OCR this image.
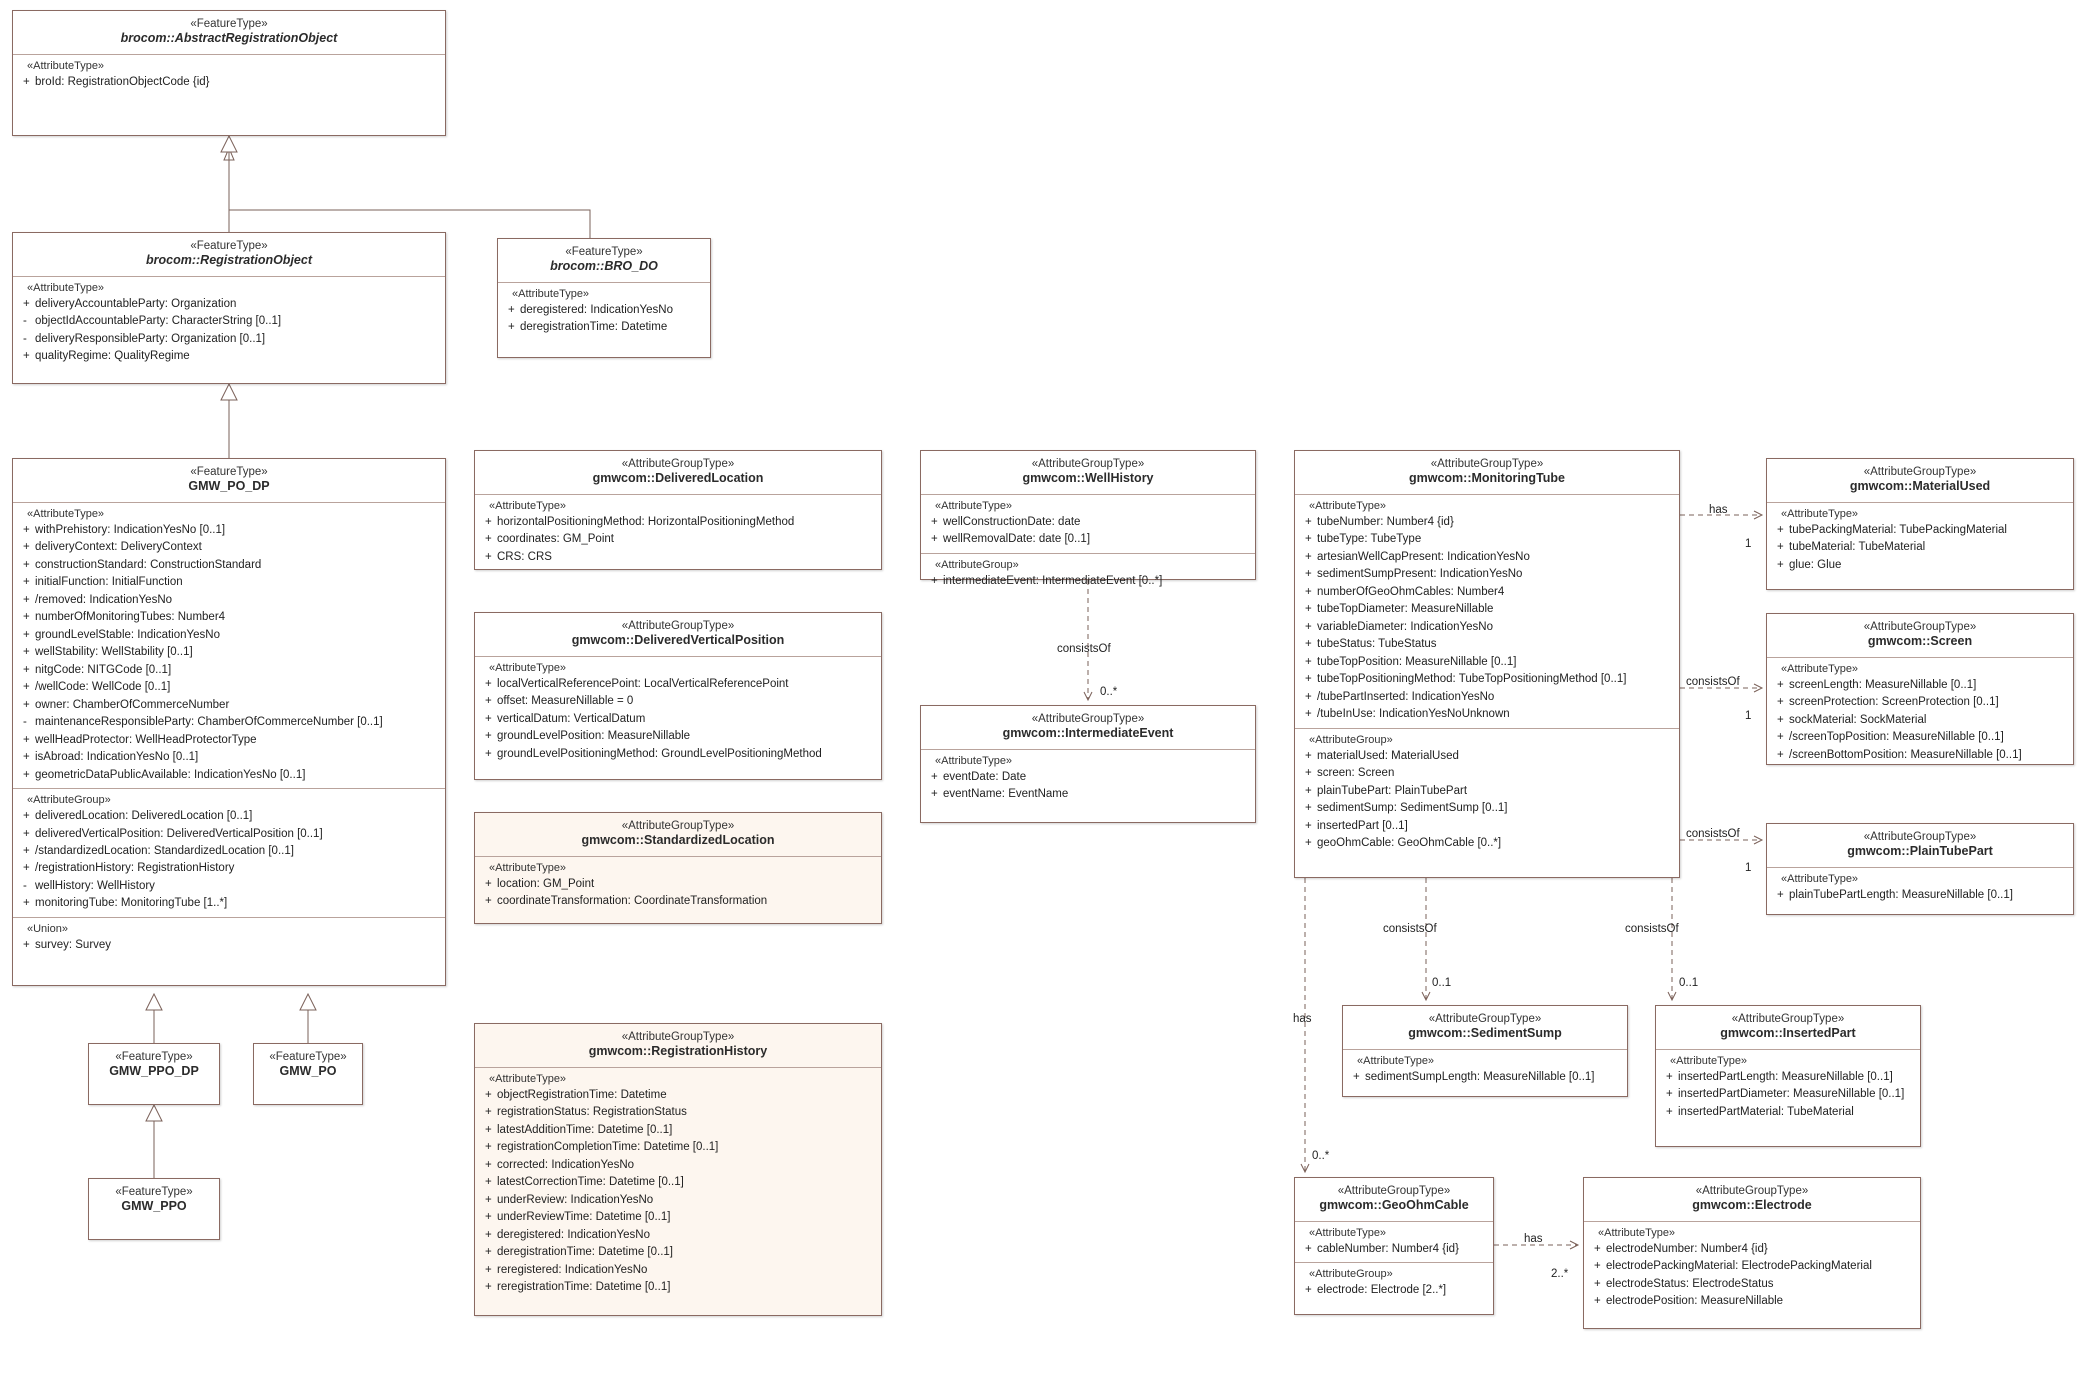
«FeatureType»
brocom::AbstractRegistrationObject
«AttributeType»
+ broId: RegistrationObjectCode {id}
«FeatureType»
brocom::RegistrationObject
«AttributeType»
+ deliveryAccountableParty: Organization
- objectIdAccountableParty: CharacterString [0..1]
- deliveryResponsibleParty: Organization [0..1]
+ qualityRegime: QualityRegime
«FeatureType»
brocom::BRO_DO
«AttributeType»
+ deregistered: IndicationYesNo
+ deregistrationTime: Datetime
«FeatureType»
GMW_PO_DP
«AttributeType»
+ withPrehistory: IndicationYesNo [0..1]
+ deliveryContext: DeliveryContext
+ constructionStandard: ConstructionStandard
+ initialFunction: InitialFunction
+ /removed: IndicationYesNo
+ numberOfMonitoringTubes: Number4
+ groundLevelStable: IndicationYesNo
+ wellStability: WellStability [0..1]
+ nitgCode: NITGCode [0..1]
+ /wellCode: WellCode [0..1]
+ owner: ChamberOfCommerceNumber
- maintenanceResponsibleParty: ChamberOfCommerceNumber [0..1]
+ wellHeadProtector: WellHeadProtectorType
+ isAbroad: IndicationYesNo [0..1]
+ geometricDataPublicAvailable: IndicationYesNo [0..1]
«AttributeGroup»
+ deliveredLocation: DeliveredLocation [0..1]
+ deliveredVerticalPosition: DeliveredVerticalPosition [0..1]
+ /standardizedLocation: StandardizedLocation [0..1]
+ /registrationHistory: RegistrationHistory
- wellHistory: WellHistory
+ monitoringTube: MonitoringTube [1..*]
«Union»
+ survey: Survey
«FeatureType»
GMW_PPO_DP
«FeatureType»
GMW_PO
«FeatureType»
GMW_PPO
«AttributeGroupType»
gmwcom::DeliveredLocation
«AttributeType»
+ horizontalPositioningMethod: HorizontalPositioningMethod
+ coordinates: GM_Point
+ CRS: CRS
«AttributeGroupType»
gmwcom::DeliveredVerticalPosition
«AttributeType»
+ localVerticalReferencePoint: LocalVerticalReferencePoint
+ offset: MeasureNillable = 0
+ verticalDatum: VerticalDatum
+ groundLevelPosition: MeasureNillable
+ groundLevelPositioningMethod: GroundLevelPositioningMethod
«AttributeGroupType»
gmwcom::StandardizedLocation
«AttributeType»
+ location: GM_Point
+ coordinateTransformation: CoordinateTransformation
«AttributeGroupType»
gmwcom::RegistrationHistory
«AttributeType»
+ objectRegistrationTime: Datetime
+ registrationStatus: RegistrationStatus
+ latestAdditionTime: Datetime [0..1]
+ registrationCompletionTime: Datetime [0..1]
+ corrected: IndicationYesNo
+ latestCorrectionTime: Datetime [0..1]
+ underReview: IndicationYesNo
+ underReviewTime: Datetime [0..1]
+ deregistered: IndicationYesNo
+ deregistrationTime: Datetime [0..1]
+ reregistered: IndicationYesNo
+ reregistrationTime: Datetime [0..1]
«AttributeGroupType»
gmwcom::WellHistory
«AttributeType»
+ wellConstructionDate: date
+ wellRemovalDate: date [0..1]
«AttributeGroup»
+ intermediateEvent: IntermediateEvent [0..*]
«AttributeGroupType»
gmwcom::IntermediateEvent
«AttributeType»
+ eventDate: Date
+ eventName: EventName
«AttributeGroupType»
gmwcom::MonitoringTube
«AttributeType»
+ tubeNumber: Number4 {id}
+ tubeType: TubeType
+ artesianWellCapPresent: IndicationYesNo
+ sedimentSumpPresent: IndicationYesNo
+ numberOfGeoOhmCables: Number4
+ tubeTopDiameter: MeasureNillable
+ variableDiameter: IndicationYesNo
+ tubeStatus: TubeStatus
+ tubeTopPosition: MeasureNillable [0..1]
+ tubeTopPositioningMethod: TubeTopPositioningMethod [0..1]
+ /tubePartInserted: IndicationYesNo
+ /tubeInUse: IndicationYesNoUnknown
«AttributeGroup»
+ materialUsed: MaterialUsed
+ screen: Screen
+ plainTubePart: PlainTubePart
+ sedimentSump: SedimentSump [0..1]
+ insertedPart [0..1]
+ geoOhmCable: GeoOhmCable [0..*]
«AttributeGroupType»
gmwcom::MaterialUsed
«AttributeType»
+ tubePackingMaterial: TubePackingMaterial
+ tubeMaterial: TubeMaterial
+ glue: Glue
«AttributeGroupType»
gmwcom::Screen
«AttributeType»
+ screenLength: MeasureNillable [0..1]
+ screenProtection: ScreenProtection [0..1]
+ sockMaterial: SockMaterial
+ /screenTopPosition: MeasureNillable [0..1]
+ /screenBottomPosition: MeasureNillable [0..1]
«AttributeGroupType»
gmwcom::PlainTubePart
«AttributeType»
+ plainTubePartLength: MeasureNillable [0..1]
«AttributeGroupType»
gmwcom::SedimentSump
«AttributeType»
+ sedimentSumpLength: MeasureNillable [0..1]
«AttributeGroupType»
gmwcom::InsertedPart
«AttributeType»
+ insertedPartLength: MeasureNillable [0..1]
+ insertedPartDiameter: MeasureNillable [0..1]
+ insertedPartMaterial: TubeMaterial
«AttributeGroupType»
gmwcom::GeoOhmCable
«AttributeType»
+ cableNumber: Number4 {id}
«AttributeGroup»
+ electrode: Electrode [2..*]
«AttributeGroupType»
gmwcom::Electrode
«AttributeType»
+ electrodeNumber: Number4 {id}
+ electrodePackingMaterial: ElectrodePackingMaterial
+ electrodeStatus: ElectrodeStatus
+ electrodePosition: MeasureNillable
consistsOf
0..*
has
1
consistsOf
1
consistsOf
1
consistsOf
0..1
consistsOf
0..1
has
0..*
has
2..*
